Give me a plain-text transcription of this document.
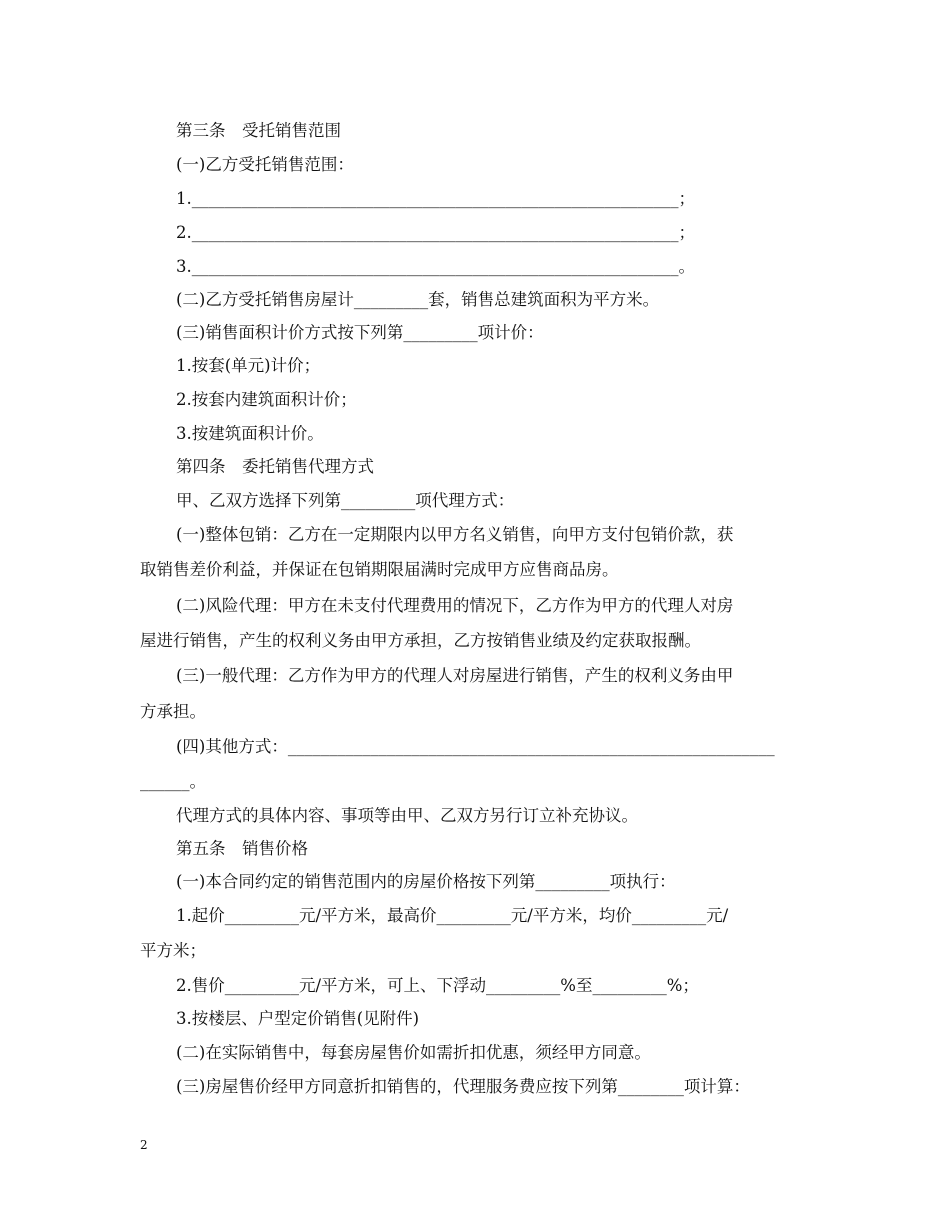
第三条　受托销售范围
(一)乙方受托销售范围：
1.___________________________________________________________；
2.___________________________________________________________；
3.___________________________________________________________。
(二)乙方受托销售房屋计_________套，销售总建筑面积为平方米。
(三)销售面积计价方式按下列第_________项计价：
1.按套(单元)计价；
2.按套内建筑面积计价；
3.按建筑面积计价。
第四条　委托销售代理方式
甲、乙双方选择下列第_________项代理方式：
(一)整体包销：乙方在一定期限内以甲方名义销售，向甲方支付包销价款，获
取销售差价利益，并保证在包销期限届满时完成甲方应售商品房。
(二)风险代理：甲方在未支付代理费用的情况下，乙方作为甲方的代理人对房
屋进行销售，产生的权利义务由甲方承担，乙方按销售业绩及约定获取报酬。
(三)一般代理：乙方作为甲方的代理人对房屋进行销售，产生的权利义务由甲
方承担。
(四)其他方式：___________________________________________________________
______。
代理方式的具体内容、事项等由甲、乙双方另行订立补充协议。
第五条　销售价格
(一)本合同约定的销售范围内的房屋价格按下列第_________项执行：
1.起价_________元/平方米，最高价_________元/平方米，均价_________元/
平方米；
2.售价_________元/平方米，可上、下浮动_________%至_________%；
3.按楼层、户型定价销售(见附件)
(二)在实际销售中，每套房屋售价如需折扣优惠，须经甲方同意。
(三)房屋售价经甲方同意折扣销售的，代理服务费应按下列第________项计算：
2
